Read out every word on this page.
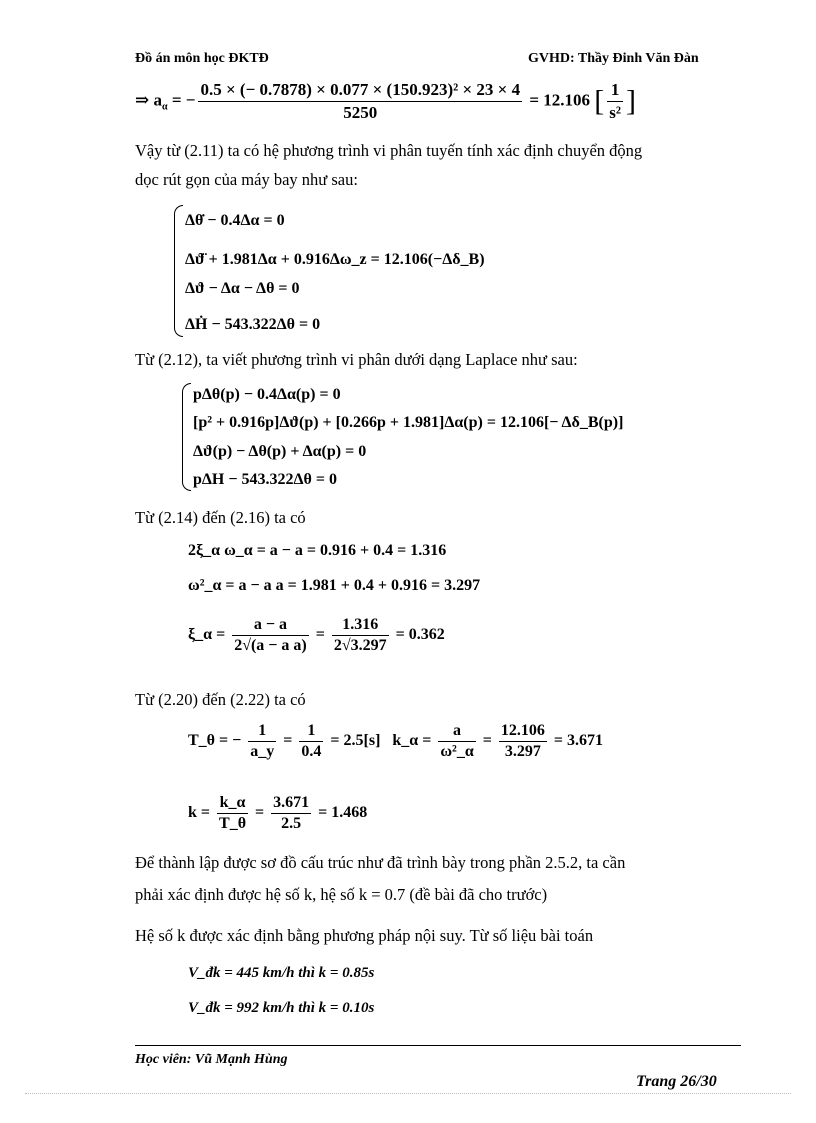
Đồ án môn học ĐKTĐ	GVHD: Thầy Đinh Văn Đàn
⇒ $a_\alpha$ = − $\frac{\text{0.5 × (− 0.7878) × 0.077 × (150.923)² × 23 × 4}}{5250} = 12.106$ [ $\frac{1}{\text{s²}}$ ]
Vậy từ (2.11) ta có hệ phương trình vi phân tuyến tính xác định chuyển động
dọc rút gọn của máy bay như sau:
Δθ̇ − 0.4Δα = 0
Δϑ̈ + 1.981Δα + 0.916Δω_z = 12.106(−Δδ_B)
Δϑ − Δα − Δθ = 0
ΔḢ − 543.322Δθ = 0
Từ (2.12), ta viết phương trình vi phân dưới dạng Laplace như sau:
pΔθ(p) − 0.4Δα(p) = 0
[p² + 0.916p]Δϑ(p) + [0.266p + 1.981]Δα(p) = 12.106[− Δδ_B(p)]
Δϑ(p) − Δθ(p) + Δα(p) = 0
pΔH − 543.322Δθ = 0
Từ (2.14) đến (2.16) ta có
2ξ_α ω_α = a − a = 0.916 + 0.4 = 1.316
ω²_α = a − a a = 1.981 + 0.4 + 0.916 = 3.297
ξ_α = $\frac{a - a}{\text{2√(a − a a)}} = \frac{1.316}{2√3.297} = 0.362$
Từ (2.20) đến (2.22) ta có
T_θ = − $\frac{1}{a\_y} = \frac{1}{0.4} = 2.5[s]$ k_α = $\frac{a}{\text{ω²\_α}} = \frac{12.106}{3.297} = 3.671$
$k = \frac{k\_\alpha}{T\_\theta} = \frac{3.671}{2.5} = 1.468$
Để thành lập được sơ đồ cấu trúc như đã trình bày trong phần 2.5.2, ta cần
phải xác định được hệ số k, hệ số k = 0.7 (đề bài đã cho trước)
Hệ số k được xác định bằng phương pháp nội suy. Từ số liệu bài toán
V_đk = 445 km/h thì k = 0.85s
V_đk = 992 km/h thì k = 0.10s
Học viên: Vũ Mạnh Hùng
Trang 26/30
